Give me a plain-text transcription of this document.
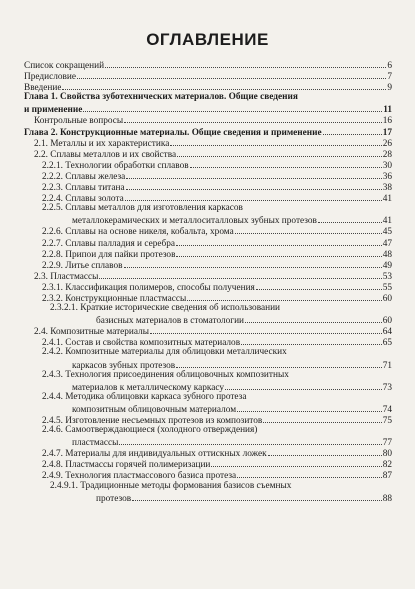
ОГЛАВЛЕНИЕ
Список сокращений	6
Предисловие	7
Введение	9
Глава 1. Свойства зуботехнических материалов. Общие сведения
и применение	11
Контрольные вопросы	16
Глава 2. Конструкционные материалы. Общие сведения и применение	17
2.1. Металлы и их характеристика	26
2.2. Сплавы металлов и их свойства	28
2.2.1. Технологии обработки сплавов	30
2.2.2. Сплавы железа	36
2.2.3. Сплавы титана	38
2.2.4. Сплавы золота	41
2.2.5. Сплавы металлов для изготовления каркасов
металлокерамических и металлоситалловых зубных протезов	41
2.2.6. Сплавы на основе никеля, кобальта, хрома	45
2.2.7. Сплавы палладия и серебра	47
2.2.8. Припои для пайки протезов	48
2.2.9. Литье сплавов	49
2.3. Пластмассы	53
2.3.1. Классификация полимеров, способы получения	55
2.3.2. Конструкционные пластмассы	60
2.3.2.1. Краткие исторические сведения об использовании
базисных материалов в стоматологии	60
2.4. Композитные материалы	64
2.4.1. Состав и свойства композитных материалов	65
2.4.2. Композитные материалы для облицовки металлических
каркасов зубных протезов	71
2.4.3. Технология присоединения облицовочных композитных
материалов к металлическому каркасу	73
2.4.4. Методика облицовки каркаса зубного протеза
композитным облицовочным материалом	74
2.4.5. Изготовление несъемных протезов из композитов	75
2.4.6. Самоотверждающиеся (холодного отверждения)
пластмассы	77
2.4.7. Материалы для индивидуальных оттискных ложек	80
2.4.8. Пластмассы горячей полимеризации	82
2.4.9. Технология пластмассового базиса протеза	87
2.4.9.1. Традиционные методы формования базисов съемных
протезов	88
